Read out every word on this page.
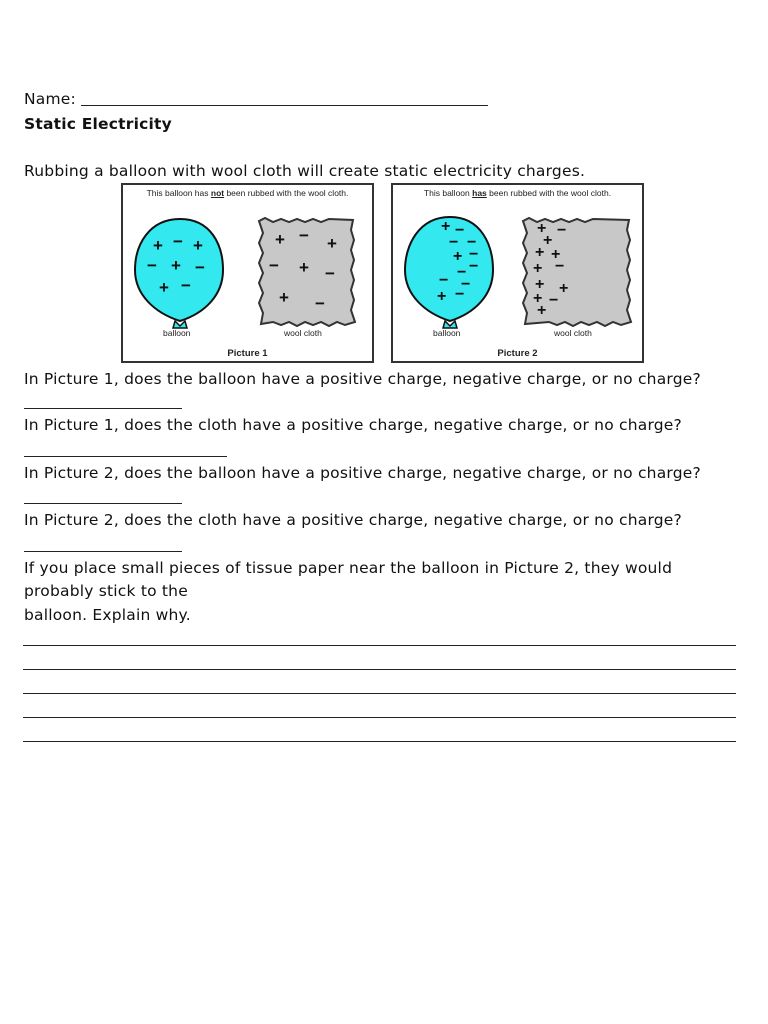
Name:
Static Electricity
Rubbing a balloon with wool cloth will create static electricity charges.
This balloon has not been rubbed with the wool cloth.
+ − +
− + −
+ −
+ − +
− + −
+ −
balloon	wool cloth
Picture 1
This balloon has been rubbed with the wool cloth.
+ −
− −
+ −
−
−
− −
+ −
+ −
+
+ +
+ −
+ +
+ −
+
balloon	wool cloth
Picture 2
In Picture 1, does the balloon have a positive charge, negative charge, or no charge?
In Picture 1, does the cloth have a positive charge, negative charge, or no charge?
In Picture 2, does the balloon have a positive charge, negative charge, or no charge?
In Picture 2, does the cloth have a positive charge, negative charge, or no charge?
If you place small pieces of tissue paper near the balloon in Picture 2, they would
probably stick to the
balloon. Explain why.
